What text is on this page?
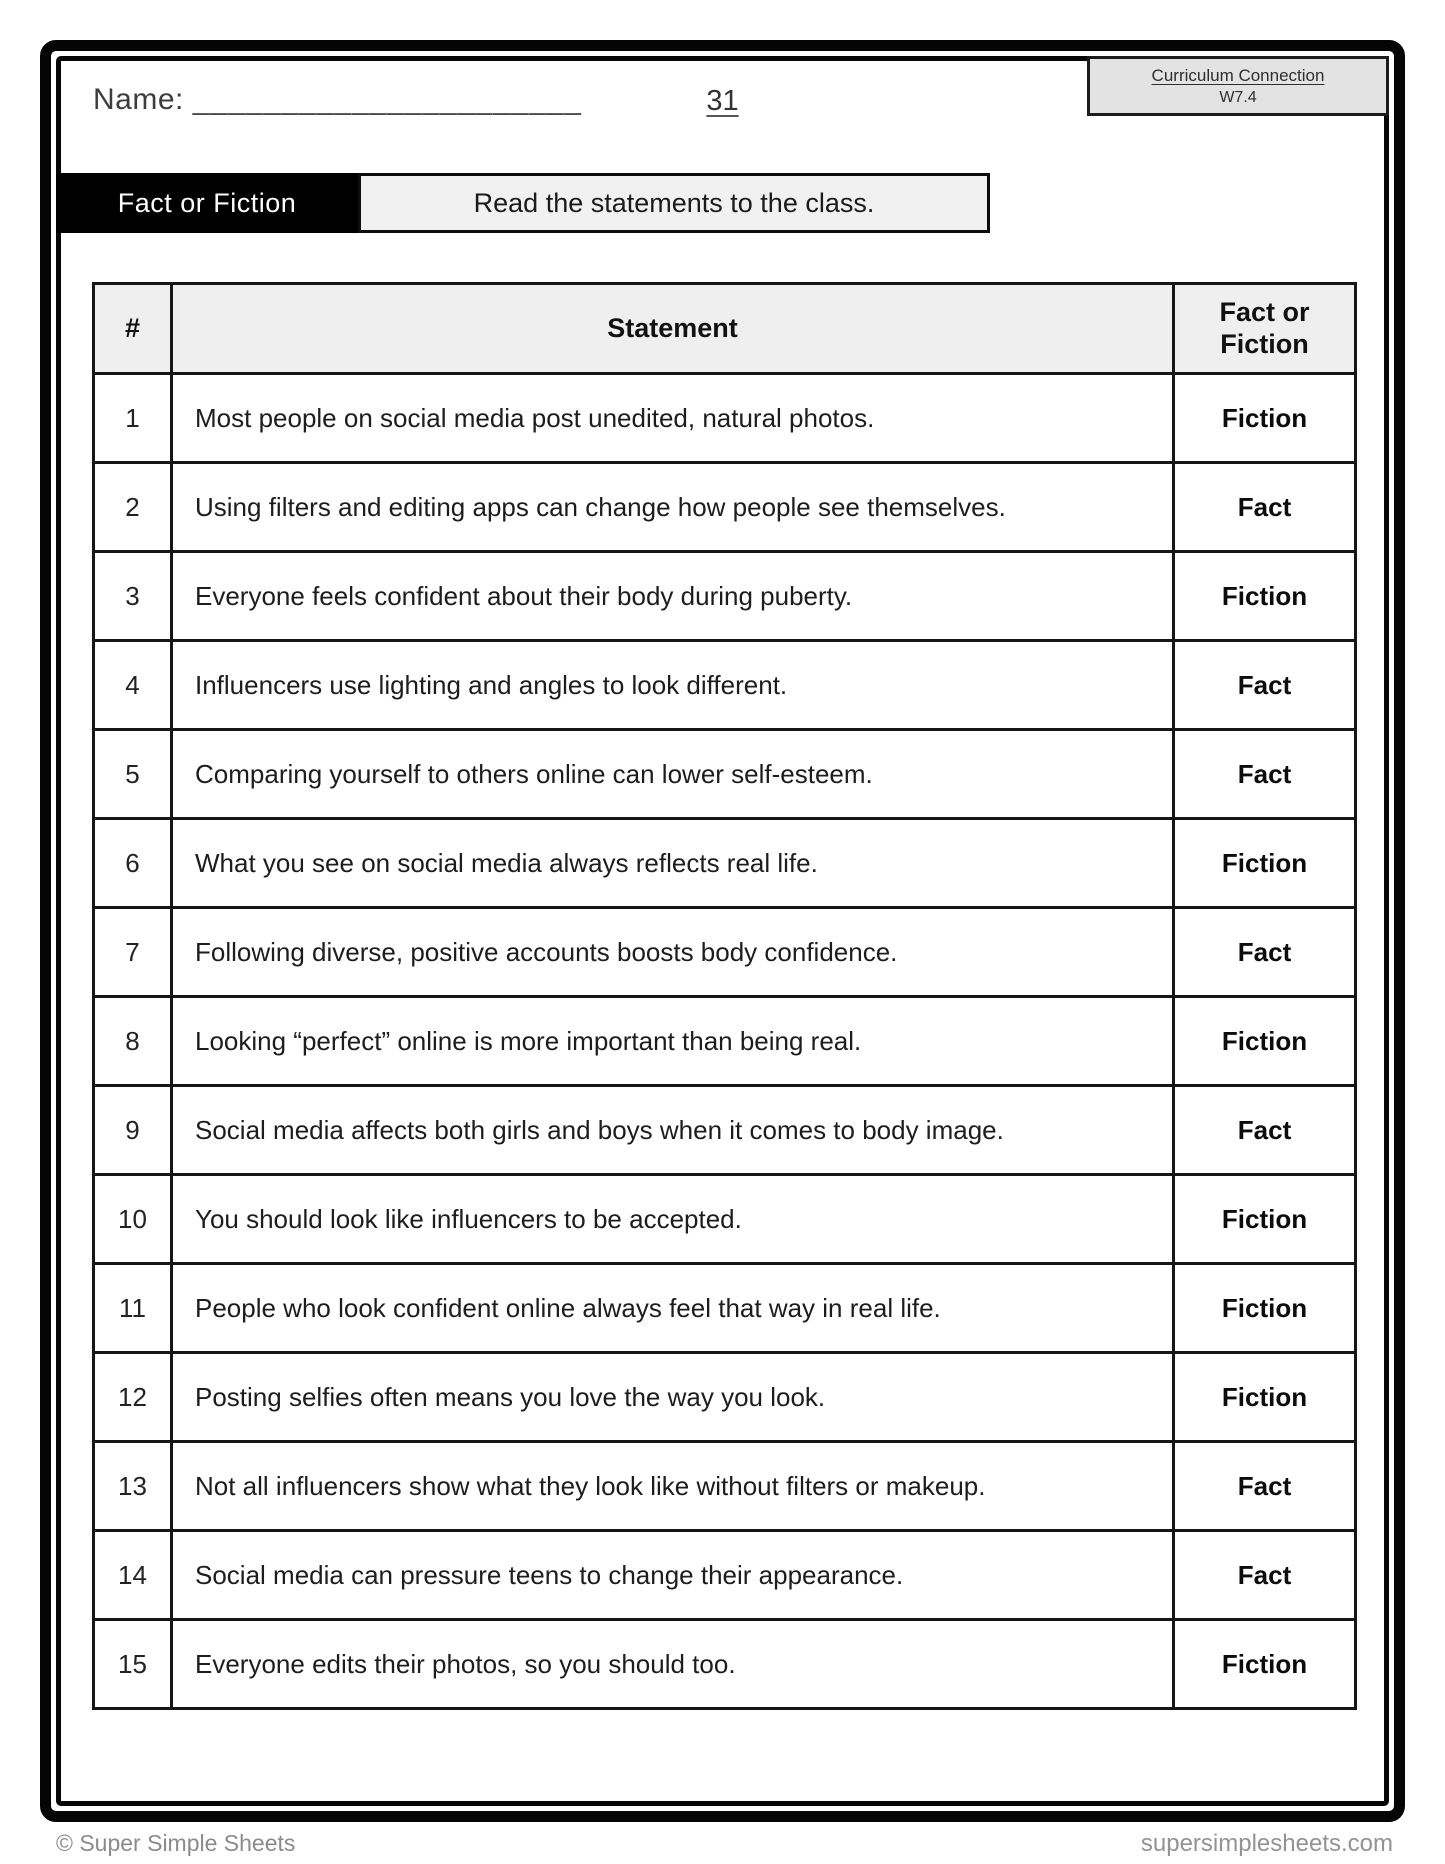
Name: ______________________	31
Curriculum Connection
W7.4
Fact or Fiction	Read the statements to the class.
#	Statement	Fact or Fiction
1	Most people on social media post unedited, natural photos.	Fiction
2	Using filters and editing apps can change how people see themselves.	Fact
3	Everyone feels confident about their body during puberty.	Fiction
4	Influencers use lighting and angles to look different.	Fact
5	Comparing yourself to others online can lower self-esteem.	Fact
6	What you see on social media always reflects real life.	Fiction
7	Following diverse, positive accounts boosts body confidence.	Fact
8	Looking “perfect” online is more important than being real.	Fiction
9	Social media affects both girls and boys when it comes to body image.	Fact
10	You should look like influencers to be accepted.	Fiction
11	People who look confident online always feel that way in real life.	Fiction
12	Posting selfies often means you love the way you look.	Fiction
13	Not all influencers show what they look like without filters or makeup.	Fact
14	Social media can pressure teens to change their appearance.	Fact
15	Everyone edits their photos, so you should too.	Fiction
© Super Simple Sheets	supersimplesheets.com
